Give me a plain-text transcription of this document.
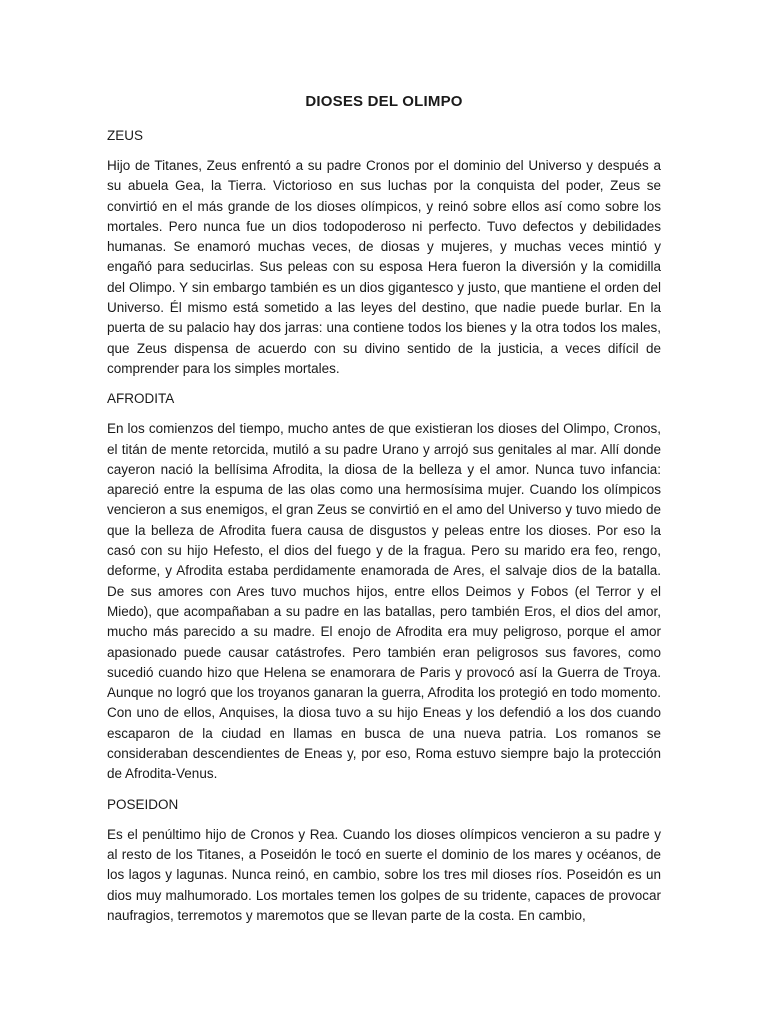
DIOSES DEL OLIMPO
ZEUS

Hijo de Titanes, Zeus enfrentó a su padre Cronos por el dominio del Universo y después a su abuela Gea, la Tierra. Victorioso en sus luchas por la conquista del poder, Zeus se convirtió en el más grande de los dioses olímpicos, y reinó sobre ellos así como sobre los mortales. Pero nunca fue un dios todopoderoso ni perfecto. Tuvo defectos y debilidades humanas. Se enamoró muchas veces, de diosas y mujeres, y muchas veces mintió y engañó para seducirlas. Sus peleas con su esposa Hera fueron la diversión y la comidilla del Olimpo. Y sin embargo también es un dios gigantesco y justo, que mantiene el orden del Universo. Él mismo está sometido a las leyes del destino, que nadie puede burlar. En la puerta de su palacio hay dos jarras: una contiene todos los bienes y la otra todos los males, que Zeus dispensa de acuerdo con su divino sentido de la justicia, a veces difícil de comprender para los simples mortales.

AFRODITA

En los comienzos del tiempo, mucho antes de que existieran los dioses del Olimpo, Cronos, el titán de mente retorcida, mutiló a su padre Urano y arrojó sus genitales al mar. Allí donde cayeron nació la bellísima Afrodita, la diosa de la belleza y el amor. Nunca tuvo infancia: apareció entre la espuma de las olas como una hermosísima mujer. Cuando los olímpicos vencieron a sus enemigos, el gran Zeus se convirtió en el amo del Universo y tuvo miedo de que la belleza de Afrodita fuera causa de disgustos y peleas entre los dioses. Por eso la casó con su hijo Hefesto, el dios del fuego y de la fragua. Pero su marido era feo, rengo, deforme, y Afrodita estaba perdidamente enamorada de Ares, el salvaje dios de la batalla. De sus amores con Ares tuvo muchos hijos, entre ellos Deimos y Fobos (el Terror y el Miedo), que acompañaban a su padre en las batallas, pero también Eros, el dios del amor, mucho más parecido a su madre. El enojo de Afrodita era muy peligroso, porque el amor apasionado puede causar catástrofes. Pero también eran peligrosos sus favores, como sucedió cuando hizo que Helena se enamorara de Paris y provocó así la Guerra de Troya. Aunque no logró que los troyanos ganaran la guerra, Afrodita los protegió en todo momento. Con uno de ellos, Anquises, la diosa tuvo a su hijo Eneas y los defendió a los dos cuando escaparon de la ciudad en llamas en busca de una nueva patria. Los romanos se consideraban descendientes de Eneas y, por eso, Roma estuvo siempre bajo la protección de Afrodita-Venus.

POSEIDON

Es el penúltimo hijo de Cronos y Rea. Cuando los dioses olímpicos vencieron a su padre y al resto de los Titanes, a Poseidón le tocó en suerte el dominio de los mares y océanos, de los lagos y lagunas. Nunca reinó, en cambio, sobre los tres mil dioses ríos. Poseidón es un dios muy malhumorado. Los mortales temen los golpes de su tridente, capaces de provocar naufragios, terremotos y maremotos que se llevan parte de la costa. En cambio,
